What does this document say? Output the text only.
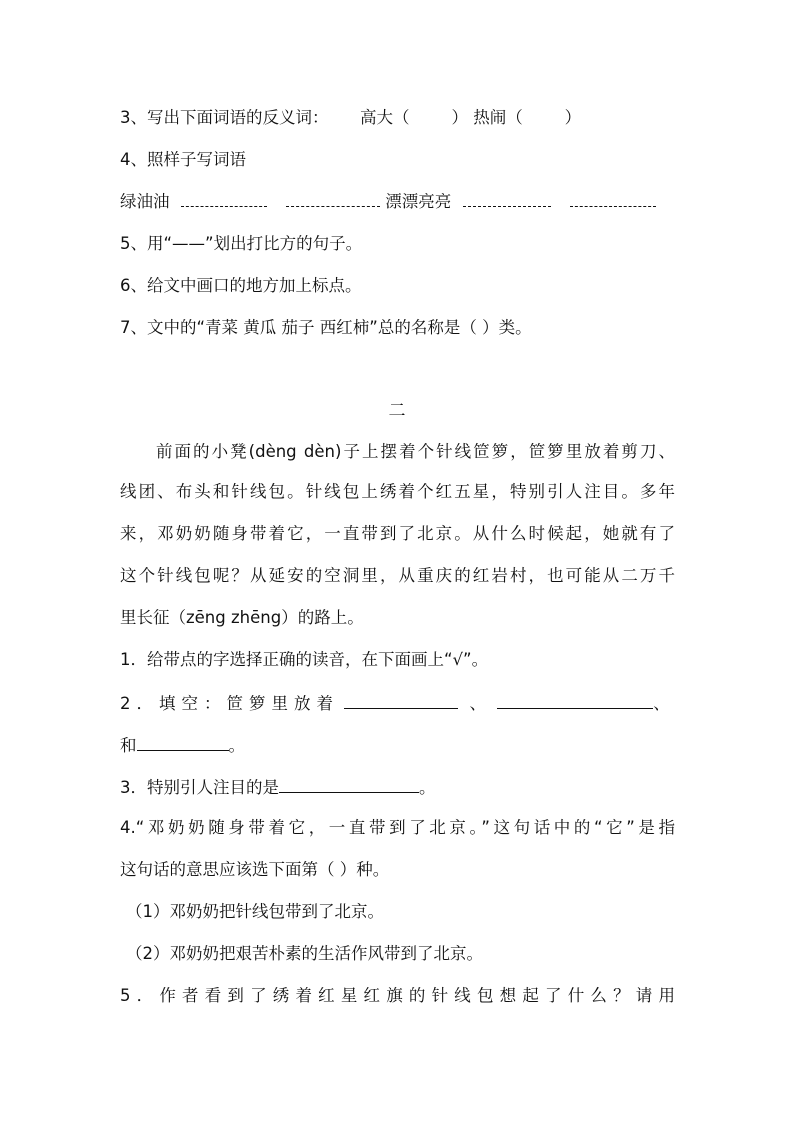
3、写出下面词语的反义词： 高大（        ） 热闹（        ）
4、照样子写词语
绿油油	漂漂亮亮
5、用“——”划出打比方的句子。
6、给文中画口的地方加上标点。
7、文中的“青菜 黄瓜 茄子 西红柿”总的名称是（ ）类。
二
前面的小凳(dèng dèn)子上摆着个针线笸箩，笸箩里放着剪刀、
线团、布头和针线包。针线包上绣着个红五星，特别引人注目。多年
来，邓奶奶随身带着它，一直带到了北京。从什么时候起，她就有了
这个针线包呢？从延安的空洞里，从重庆的红岩村，也可能从二万千
里长征（zēng zhēng）的路上。
1．给带点的字选择正确的读音，在下面画上“√”。
2．填空：笸箩里放着	、	、
和	。
3．特别引人注目的是	。
4.“邓奶奶随身带着它，一直带到了北京。”这句话中的“它”是指
这句话的意思应该选下面第（ ）种。
（1）邓奶奶把针线包带到了北京。
（2）邓奶奶把艰苦朴素的生活作风带到了北京。
5．作者看到了绣着红星红旗的针线包想起了什么？请用
